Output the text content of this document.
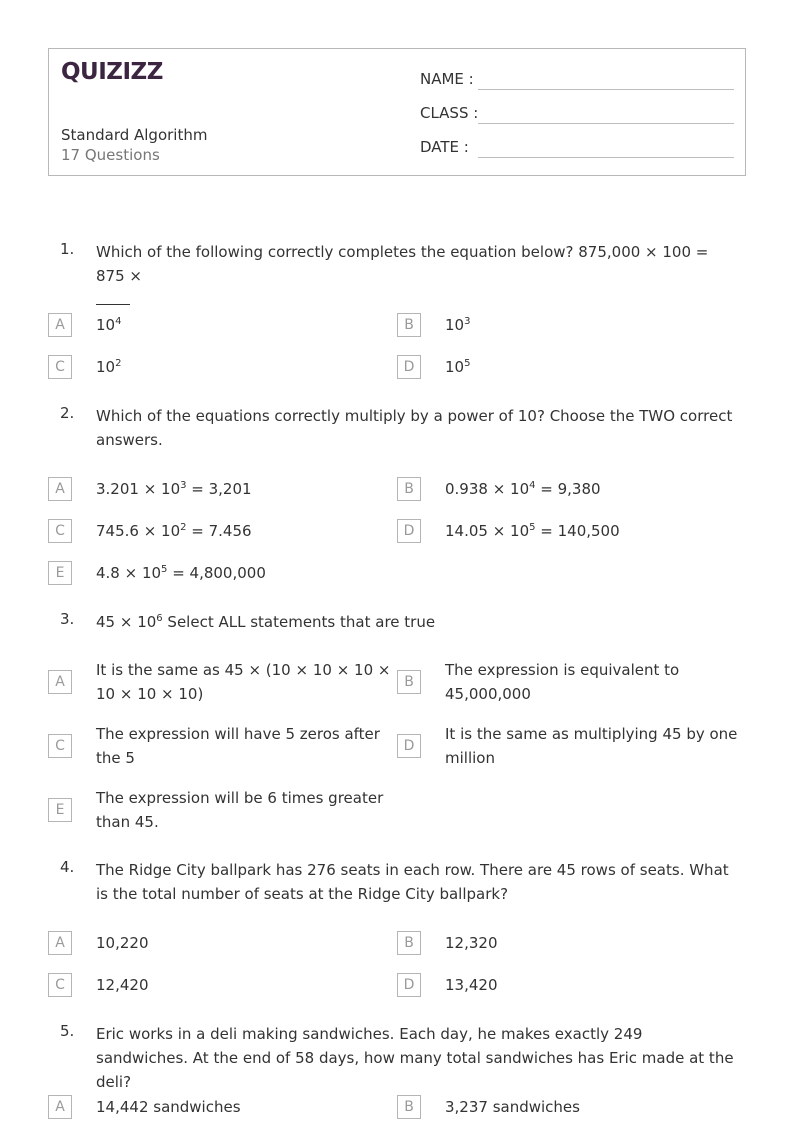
QUIZIZZ
Standard Algorithm
17 Questions
NAME :
CLASS :
DATE :
1. Which of the following correctly completes the equation below? 875,000 × 100 = 875 ×

A	$10^4$	B	$10^3$
C	$10^2$	D	$10^5$
2. Which of the equations correctly multiply by a power of 10? Choose the TWO correct answers.
A	$3.201 \times 10^3 = 3,201$	B	$0.938 \times 10^4 = 9,380$
C	$745.6 \times 10^2 = 7.456$	D	$14.05 \times 10^5 = 140,500$
E	$4.8 \times 10^5 = 4,800,000$
3. $45 \times 10^6$ Select ALL statements that are true
A
It is the same as 45 × (10 × 10 × 10 × 10 × 10 × 10)
B
The expression is equivalent to 45,000,000
C
The expression will have 5 zeros after the 5
D
It is the same as multiplying 45 by one million
E
The expression will be 6 times greater than 45.
4. The Ridge City ballpark has 276 seats in each row. There are 45 rows of seats. What is the total number of seats at the Ridge City ballpark?
A	10,220	B	12,320
C	12,420	D	13,420
5. Eric works in a deli making sandwiches. Each day, he makes exactly 249 sandwiches. At the end of 58 days, how many total sandwiches has Eric made at the deli?
A	14,442 sandwiches	B	3,237 sandwiches
